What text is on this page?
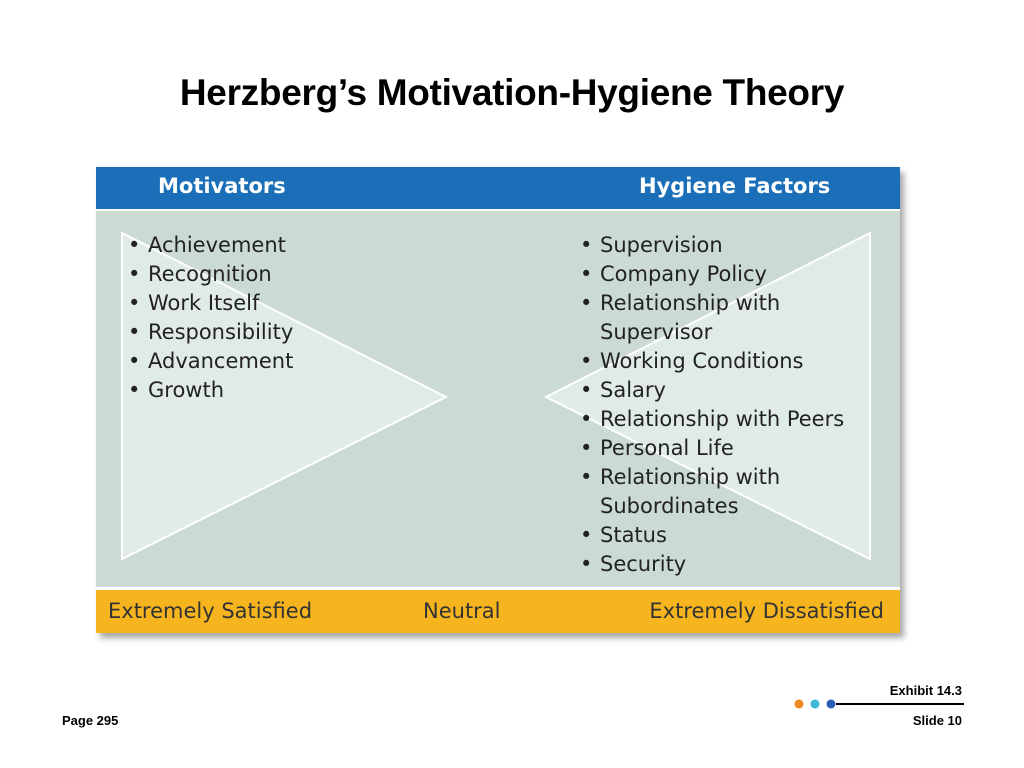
Herzberg’s Motivation-Hygiene Theory
Motivators	Hygiene Factors
• Achievement
• Recognition
• Work Itself
• Responsibility
• Advancement
• Growth
• Supervision
• Company Policy
• Relationship with Supervisor
• Working Conditions
• Salary
• Relationship with Peers
• Personal Life
• Relationship with Subordinates
• Status
• Security
Extremely Satisfied	Neutral	Extremely Dissatisfied
Exhibit 14.3
Page 295	Slide 10
